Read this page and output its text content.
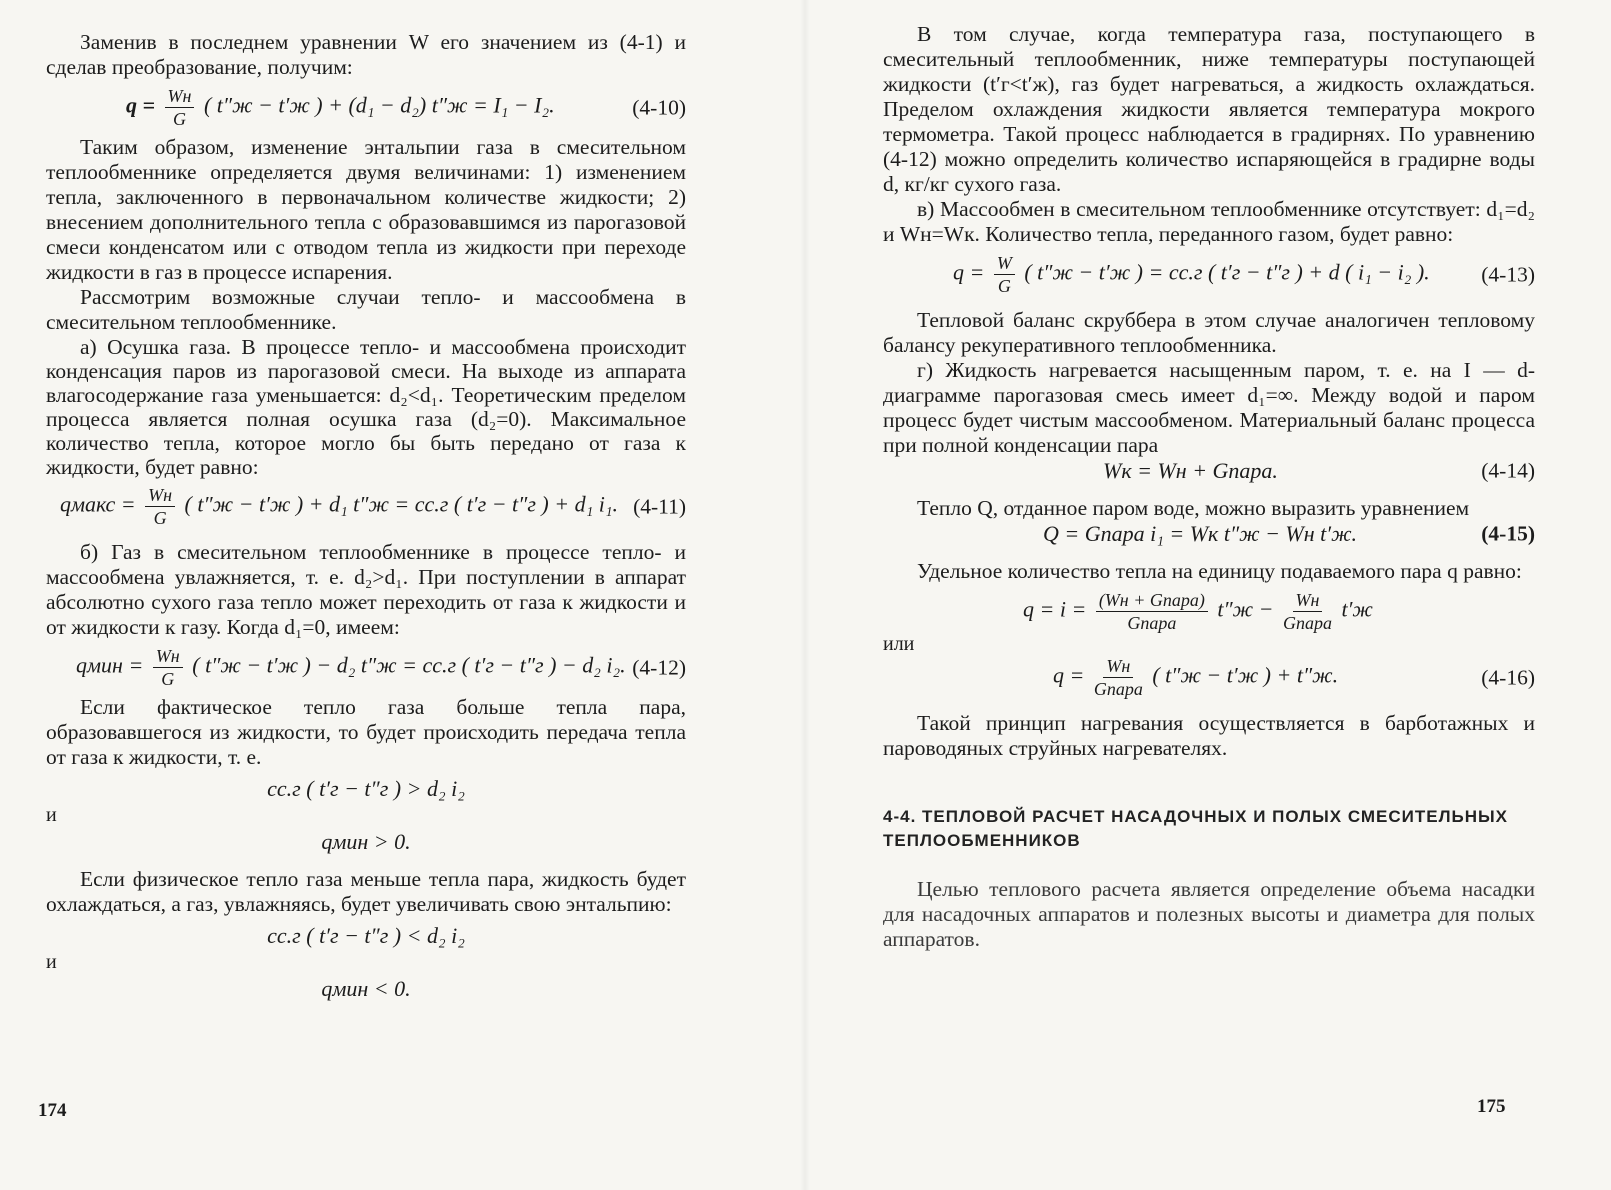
Заменив в последнем уравнении W его значением из (4-1) и сделав преобразование, получим:

$q = \frac{Wн}{G}$ ( t″ж − t′ж ) + (d₁ − d₂) t″ж = I₁ − I₂.	(4-10)

Таким образом, изменение энтальпии газа в смесительном теплообменнике определяется двумя величинами: 1) изменением тепла, заключенного в первоначальном количестве жидкости; 2) внесением дополнительного тепла с образовавшимся из парогазовой смеси конденсатом или с отводом тепла из жидкости при переходе жидкости в газ в процессе испарения.

Рассмотрим возможные случаи тепло- и массообмена в смесительном теплообменнике.

а) Осушка газа. В процессе тепло- и массообмена происходит конденсация паров из парогазовой смеси. На выходе из аппарата влагосодержание газа уменьшается: d₂<d₁. Теоретическим пределом процесса является полная осушка газа (d₂=0). Максимальное количество тепла, которое могло бы быть передано от газа к жидкости, будет равно:

qмакс = $\frac{Wн}{G}$ ( t″ж − t′ж ) + d₁ t″ж = cс.г ( t′г − t″г ) + d₁ i₁. (4-11)

б) Газ в смесительном теплообменнике в процессе тепло- и массообмена увлажняется, т. е. d₂>d₁. При поступлении в аппарат абсолютно сухого газа тепло может переходить от газа к жидкости и от жидкости к газу. Когда d₁=0, имеем:

qмин = $\frac{Wн}{G}$ ( t″ж − t′ж ) − d₂ t″ж = cс.г ( t′г − t″г ) − d₂ i₂. (4-12)

Если фактическое тепло газа больше тепла пара, образовавшегося из жидкости, то будет происходить передача тепла от газа к жидкости, т. е.

cс.г ( t′г − t″г ) > d₂ i₂
и
qмин > 0.

Если физическое тепло газа меньше тепла пара, жидкость будет охлаждаться, а газ, увлажняясь, будет увеличивать свою энтальпию:

cс.г ( t′г − t″г ) < d₂ i₂
и
qмин < 0.
174

В том случае, когда температура газа, поступающего в смесительный теплообменник, ниже температуры поступающей жидкости (t′г<t′ж), газ будет нагреваться, а жидкость охлаждаться. Пределом охлаждения жидкости является температура мокрого термометра. Такой процесс наблюдается в градирнях. По уравнению (4-12) можно определить количество испаряющейся в градирне воды d, кг/кг сухого газа.

в) Массообмен в смесительном теплообменнике отсутствует: d₁=d₂ и Wн=Wк. Количество тепла, переданного газом, будет равно:

$q = \frac{W}{G}$ ( t″ж − t′ж ) = cс.г ( t′г − t″г ) + d ( i₁ − i₂ ). (4-13)

Тепловой баланс скруббера в этом случае аналогичен тепловому балансу рекуперативного теплообменника.

г) Жидкость нагревается насыщенным паром, т. е. на I — d-диаграмме парогазовая смесь имеет d₁=∞. Между водой и паром процесс будет чистым массообменом. Материальный баланс процесса при полной конденсации пара

Wк = Wн + Gпара.	(4-14)

Тепло Q, отданное паром воде, можно выразить уравнением

Q = Gпара i₁ = Wк t″ж − Wн t′ж.	(4-15)

Удельное количество тепла на единицу подаваемого пара q равно:

$q = i = \frac{\text{(Wн + Gпара)}}{\text{Gпара}} t''ж - \frac{Wн}{\text{Gпара}} t'ж$
или
$q = \frac{Wн}{\text{Gпара}}$ ( t″ж − t′ж ) + t″ж.	(4-16)

Такой принцип нагревания осуществляется в барботажных и пароводяных струйных нагревателях.

4-4. ТЕПЛОВОЙ РАСЧЕТ НАСАДОЧНЫХ И ПОЛЫХ СМЕСИТЕЛЬНЫХ ТЕПЛООБМЕННИКОВ

Целью теплового расчета является определение объема насадки для насадочных аппаратов и полезных высоты и диаметра для полых аппаратов.

175
